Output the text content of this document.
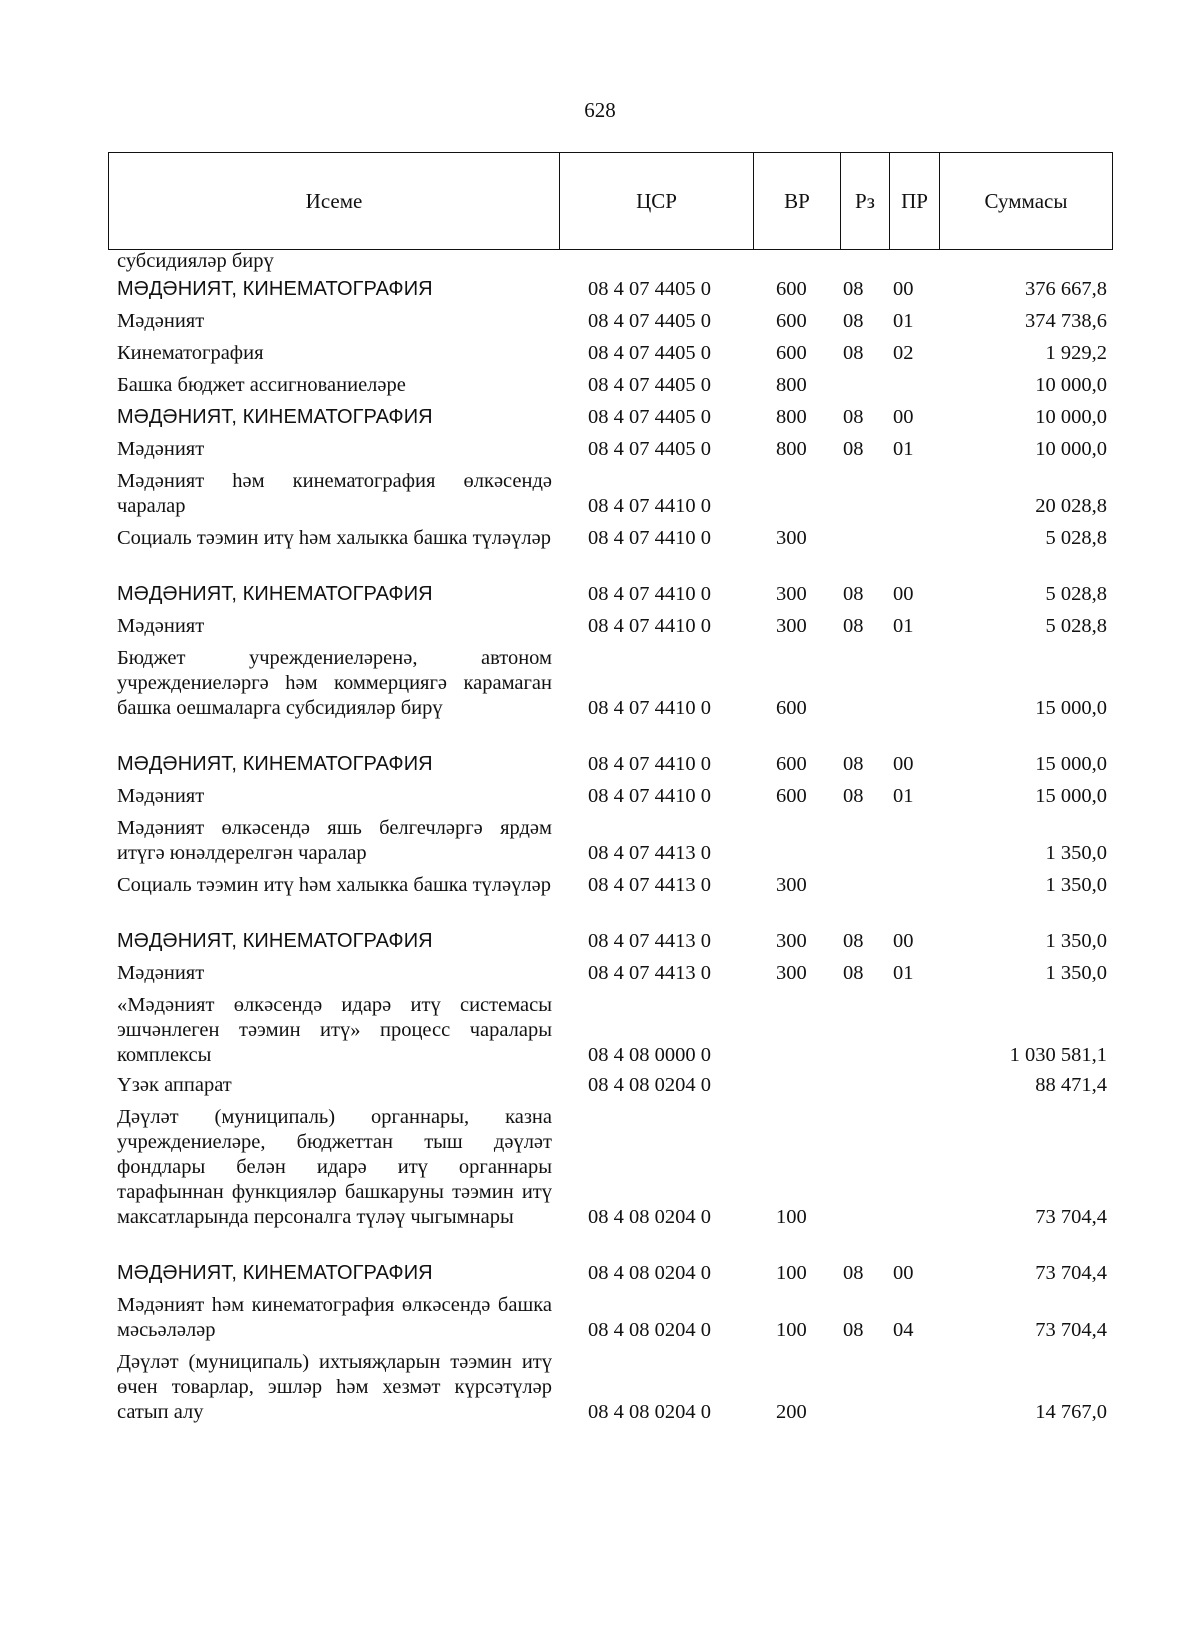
628
Исеме	ЦСР	ВР	Рз	ПР	Суммасы
субсидияләр бирү
МӘДӘНИЯТ, КИНЕМАТОГРАФИЯ	08 4 07 4405 0	600 08 00	376 667,8
Мәдәният	08 4 07 4405 0	600 08 01	374 738,6
Кинематография	08 4 07 4405 0	600 08 02	1 929,2
Башка бюджет ассигнованиеләре	08 4 07 4405 0	800	10 000,0
МӘДӘНИЯТ, КИНЕМАТОГРАФИЯ	08 4 07 4405 0	800 08 00	10 000,0
Мәдәният	08 4 07 4405 0	800 08 01	10 000,0
Мәдәният һәм кинематография өлкәсендә чаралар	08 4 07 4410 0	20 028,8
Социаль тәэмин итү һәм халыкка башка түләүләр 08 4 07 4410 0	300	5 028,8
МӘДӘНИЯТ, КИНЕМАТОГРАФИЯ	08 4 07 4410 0	300 08 00	5 028,8
Мәдәният	08 4 07 4410 0	300 08 01	5 028,8
Бюджет учреждениеләренә, автоном учреждениеләргә һәм коммерциягә карамаган башка оешмаларга субсидияләр бирү	08 4 07 4410 0	600	15 000,0
МӘДӘНИЯТ, КИНЕМАТОГРАФИЯ	08 4 07 4410 0	600 08 00	15 000,0
Мәдәният	08 4 07 4410 0	600 08 01	15 000,0
Мәдәният өлкәсендә яшь белгечләргә ярдәм итүгә юнәлдерелгән чаралар	08 4 07 4413 0	1 350,0
Социаль тәэмин итү һәм халыкка башка түләүләр 08 4 07 4413 0	300	1 350,0
МӘДӘНИЯТ, КИНЕМАТОГРАФИЯ	08 4 07 4413 0	300 08 00	1 350,0
Мәдәният	08 4 07 4413 0	300 08 01	1 350,0
«Мәдәният өлкәсендә идарә итү системасы эшчәнлеген тәэмин итү» процесс чаралары комплексы	08 4 08 0000 0	1 030 581,1
Үзәк аппарат	08 4 08 0204 0	88 471,4
Дәүләт (муниципаль) органнары, казна учреждениеләре, бюджеттан тыш дәүләт фондлары белән идарә итү органнары тарафыннан функцияләр башкаруны тәэмин итү максатларында персоналга түләү чыгымнары	08 4 08 0204 0	100	73 704,4
МӘДӘНИЯТ, КИНЕМАТОГРАФИЯ	08 4 08 0204 0	100 08 00	73 704,4
Мәдәният һәм кинематография өлкәсендә башка мәсьәләләр	08 4 08 0204 0	100 08 04	73 704,4
Дәүләт (муниципаль) ихтыяҗларын тәэмин итү өчен товарлар, эшләр һәм хезмәт күрсәтүләр сатып алу	08 4 08 0204 0	200	14 767,0
